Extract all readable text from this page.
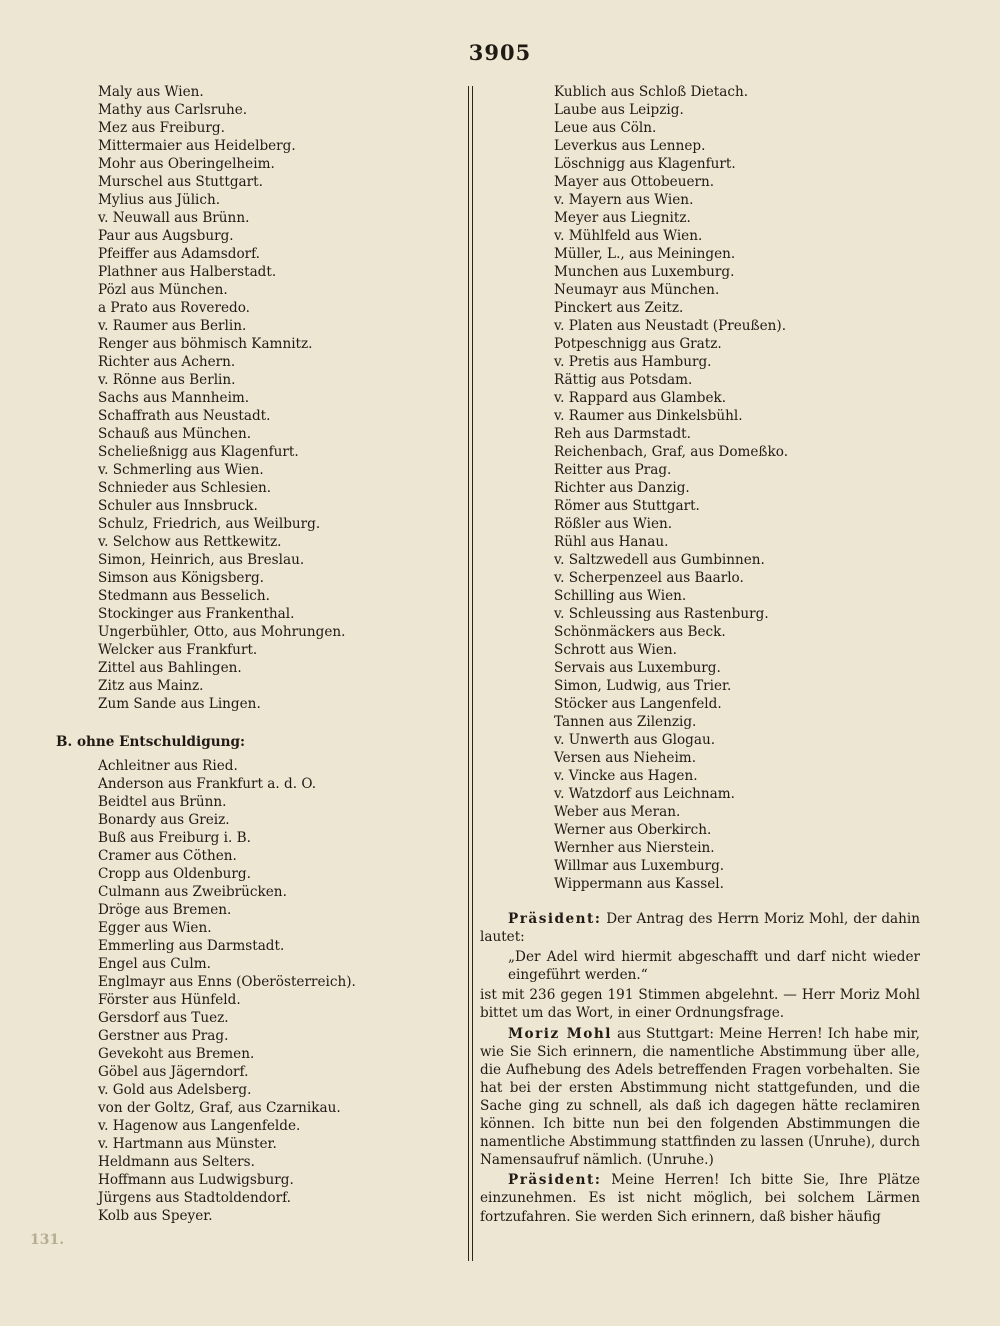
3905
Maly aus Wien.
Mathy aus Carlsruhe.
Mez aus Freiburg.
Mittermaier aus Heidelberg.
Mohr aus Oberingelheim.
Murschel aus Stuttgart.
Mylius aus Jülich.
v. Neuwall aus Brünn.
Paur aus Augsburg.
Pfeiffer aus Adamsdorf.
Plathner aus Halberstadt.
Pözl aus München.
a Prato aus Roveredo.
v. Raumer aus Berlin.
Renger aus böhmisch Kamnitz.
Richter aus Achern.
v. Rönne aus Berlin.
Sachs aus Mannheim.
Schaffrath aus Neustadt.
Schauß aus München.
Scheließnigg aus Klagenfurt.
v. Schmerling aus Wien.
Schnieder aus Schlesien.
Schuler aus Innsbruck.
Schulz, Friedrich, aus Weilburg.
v. Selchow aus Rettkewitz.
Simon, Heinrich, aus Breslau.
Simson aus Königsberg.
Stedmann aus Besselich.
Stockinger aus Frankenthal.
Ungerbühler, Otto, aus Mohrungen.
Welcker aus Frankfurt.
Zittel aus Bahlingen.
Zitz aus Mainz.
Zum Sande aus Lingen.
B. ohne Entschuldigung:
Achleitner aus Ried.
Anderson aus Frankfurt a. d. O.
Beidtel aus Brünn.
Bonardy aus Greiz.
Buß aus Freiburg i. B.
Cramer aus Cöthen.
Cropp aus Oldenburg.
Culmann aus Zweibrücken.
Dröge aus Bremen.
Egger aus Wien.
Emmerling aus Darmstadt.
Engel aus Culm.
Englmayr aus Enns (Oberösterreich).
Förster aus Hünfeld.
Gersdorf aus Tuez.
Gerstner aus Prag.
Gevekoht aus Bremen.
Göbel aus Jägerndorf.
v. Gold aus Adelsberg.
von der Goltz, Graf, aus Czarnikau.
v. Hagenow aus Langenfelde.
v. Hartmann aus Münster.
Heldmann aus Selters.
Hoffmann aus Ludwigsburg.
Jürgens aus Stadtoldendorf.
Kolb aus Speyer.
Kublich aus Schloß Dietach.
Laube aus Leipzig.
Leue aus Cöln.
Leverkus aus Lennep.
Löschnigg aus Klagenfurt.
Mayer aus Ottobeuern.
v. Mayern aus Wien.
Meyer aus Liegnitz.
v. Mühlfeld aus Wien.
Müller, L., aus Meiningen.
Munchen aus Luxemburg.
Neumayr aus München.
Pinckert aus Zeitz.
v. Platen aus Neustadt (Preußen).
Potpeschnigg aus Gratz.
v. Pretis aus Hamburg.
Rättig aus Potsdam.
v. Rappard aus Glambek.
v. Raumer aus Dinkelsbühl.
Reh aus Darmstadt.
Reichenbach, Graf, aus Domeßko.
Reitter aus Prag.
Richter aus Danzig.
Römer aus Stuttgart.
Rößler aus Wien.
Rühl aus Hanau.
v. Saltzwedell aus Gumbinnen.
v. Scherpenzeel aus Baarlo.
Schilling aus Wien.
v. Schleussing aus Rastenburg.
Schönmäckers aus Beck.
Schrott aus Wien.
Servais aus Luxemburg.
Simon, Ludwig, aus Trier.
Stöcker aus Langenfeld.
Tannen aus Zilenzig.
v. Unwerth aus Glogau.
Versen aus Nieheim.
v. Vincke aus Hagen.
v. Watzdorf aus Leichnam.
Weber aus Meran.
Werner aus Oberkirch.
Wernher aus Nierstein.
Willmar aus Luxemburg.
Wippermann aus Kassel.

Präsident: Der Antrag des Herrn Moriz Mohl, der dahin lautet:
„Der Adel wird hiermit abgeschafft und darf nicht wieder eingeführt werden.“

ist mit 236 gegen 191 Stimmen abgelehnt. — Herr Moriz Mohl bittet um das Wort, in einer Ordnungsfrage.

Moriz Mohl aus Stuttgart: Meine Herren! Ich habe mir, wie Sie Sich erinnern, die namentliche Abstimmung über alle, die Aufhebung des Adels betreffenden Fragen vorbehalten. Sie hat bei der ersten Abstimmung nicht stattgefunden, und die Sache ging zu schnell, als daß ich dagegen hätte reclamiren können. Ich bitte nun bei den folgenden Abstimmungen die namentliche Abstimmung stattfinden zu lassen (Unruhe), durch Namensaufruf nämlich. (Unruhe.)

Präsident: Meine Herren! Ich bitte Sie, Ihre Plätze einzunehmen. Es ist nicht möglich, bei solchem Lärmen fortzufahren. Sie werden Sich erinnern, daß bisher häufig

131.
